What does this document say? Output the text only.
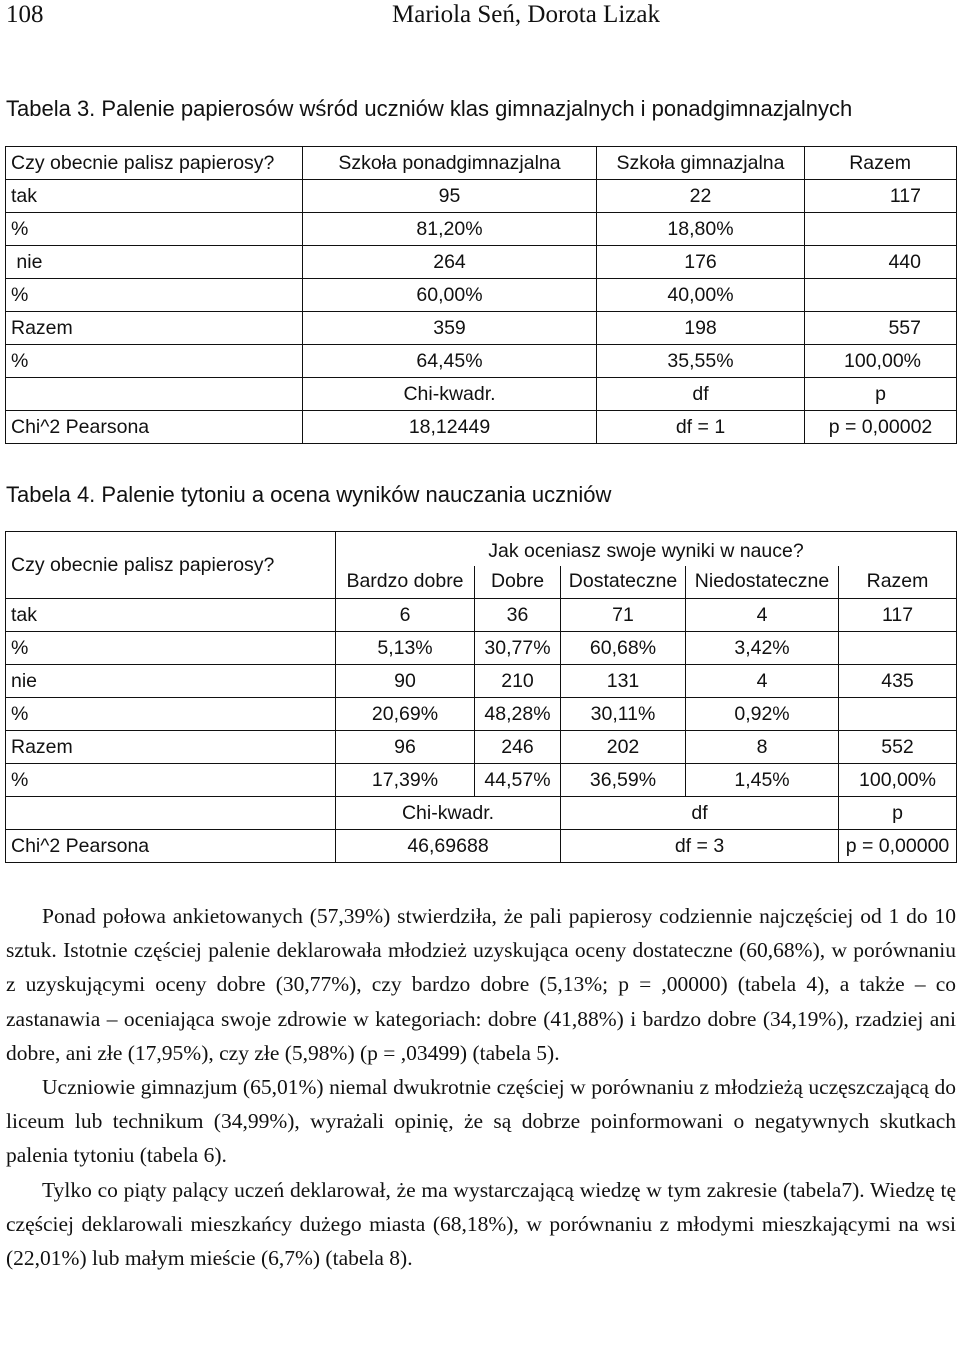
108	Mariola Seń, Dorota Lizak
Tabela 3. Palenie papierosów wśród uczniów klas gimnazjalnych i ponadgimnazjalnych
Czy obecnie palisz papierosy?	Szkoła ponadgimnazjalna	Szkoła gimnazjalna	Razem
tak	95	22	117
%	81,20%	18,80%	
nie	264	176	440
%	60,00%	40,00%	
Razem	359	198	557
%	64,45%	35,55%	100,00%
	Chi-kwadr.	df	p
Chi^2 Pearsona	18,12449	df = 1	p = 0,00002
Tabela 4. Palenie tytoniu a ocena wyników nauczania uczniów
Czy obecnie palisz papierosy?	Jak oceniasz swoje wyniki w nauce?				
	Bardzo dobre	Dobre	Dostateczne	Niedostateczne	Razem
tak	6	36	71	4	117
%	5,13%	30,77%	60,68%	3,42%	
nie	90	210	131	4	435
%	20,69%	48,28%	30,11%	0,92%	
Razem	96	246	202	8	552
%	17,39%	44,57%	36,59%	1,45%	100,00%
	Chi-kwadr.		df		p
Chi^2 Pearsona	46,69688		df = 3		p = 0,00000

Ponad połowa ankietowanych (57,39%) stwierdziła, że pali papierosy codziennie najczęściej od 1 do 10 sztuk. Istotnie częściej palenie deklarowała młodzież uzyskująca oceny dostateczne (60,68%), w porównaniu z uzyskującymi oceny dobre (30,77%), czy bardzo dobre (5,13%; p = ,00000) (tabela 4), a także – co zastanawia – oceniająca swoje zdrowie w kategoriach: dobre (41,88%) i bardzo dobre (34,19%), rzadziej ani dobre, ani złe (17,95%), czy złe (5,98%) (p = ,03499) (tabela 5).

Uczniowie gimnazjum (65,01%) niemal dwukrotnie częściej w porównaniu z młodzieżą uczęszczającą do liceum lub technikum (34,99%), wyrażali opinię, że są dobrze poinformowani o negatywnych skutkach palenia tytoniu (tabela 6).

Tylko co piąty palący uczeń deklarował, że ma wystarczającą wiedzę w tym zakresie (tabela7). Wiedzę tę częściej deklarowali mieszkańcy dużego miasta (68,18%), w porównaniu z młodymi mieszkającymi na wsi (22,01%) lub małym mieście (6,7%) (tabela 8).
